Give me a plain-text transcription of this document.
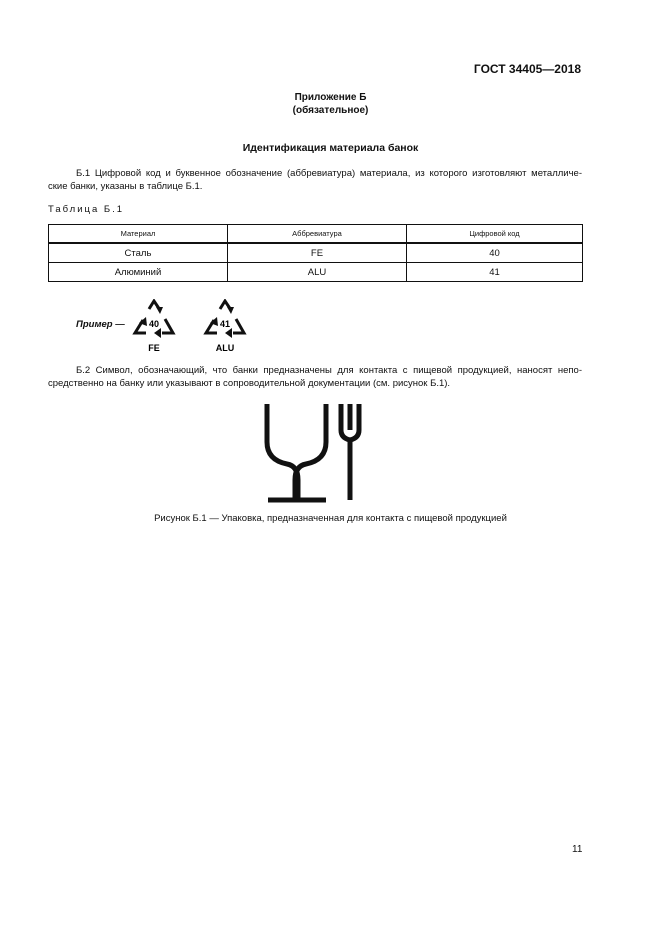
ГОСТ 34405—2018
Приложение Б
(обязательное)
Идентификация материала банок
Б.1 Цифровой код и буквенное обозначение (аббревиатура) материала, из которого изготовляют металличе-
ские банки, указаны в таблице Б.1.
Таблица Б.1
Материал	Аббревиатура	Цифровой код
Сталь	FE	40
Алюминий	ALU	41
Пример —	40
FE
41
ALU
Б.2 Символ, обозначающий, что банки предназначены для контакта с пищевой продукцией, наносят непо-
средственно на банку или указывают в сопроводительной документации (см. рисунок Б.1).
Рисунок Б.1 — Упаковка, предназначенная для контакта с пищевой продукцией
11
